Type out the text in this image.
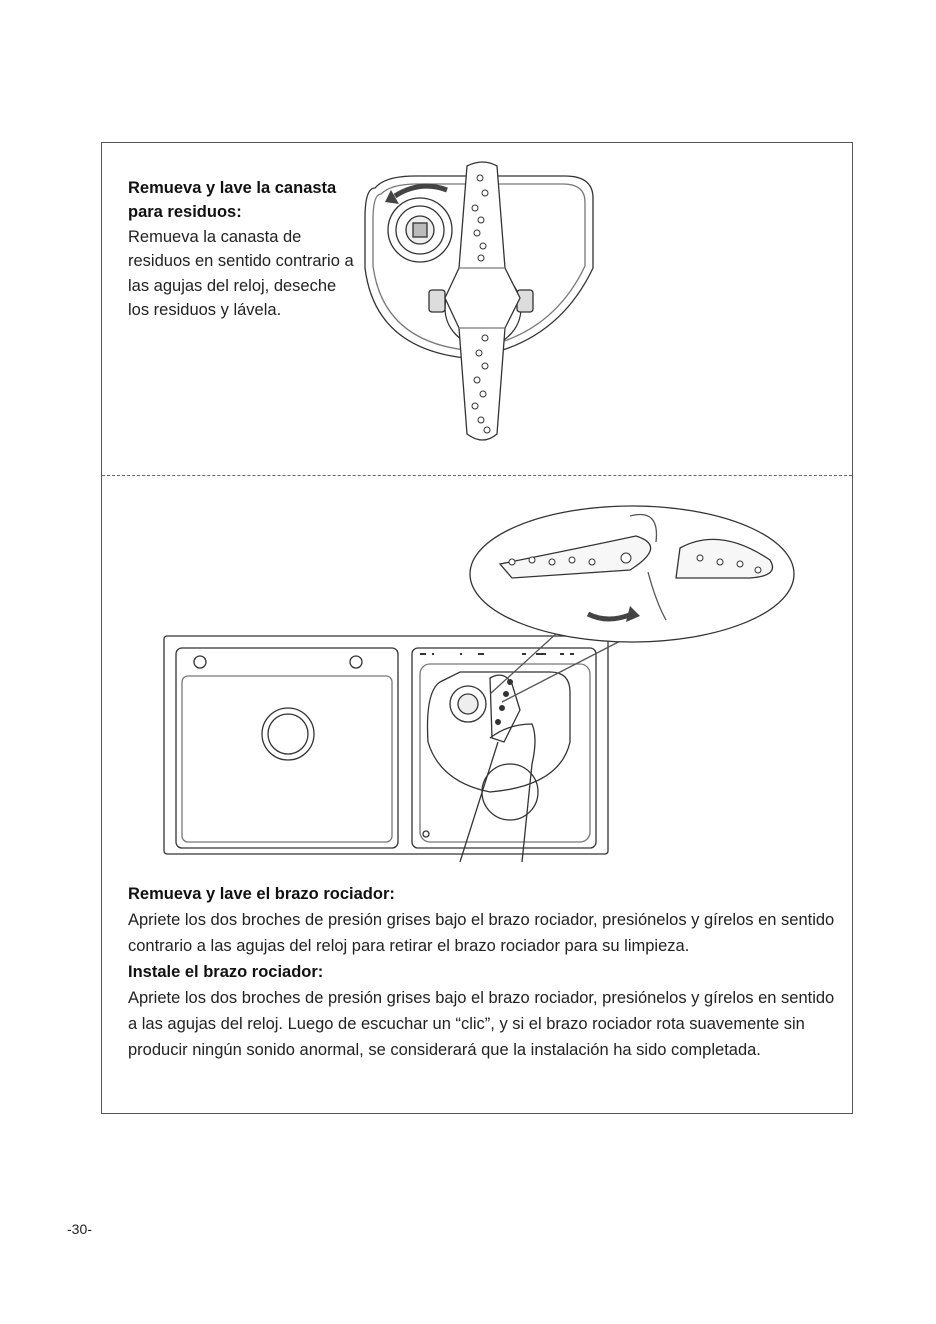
Remueva y lave la canasta para residuos:
Remueva la canasta de residuos en sentido contrario a las agujas del reloj, deseche los residuos y lávela.
Remueva y lave el brazo rociador:
Apriete los dos broches de presión grises bajo el brazo rociador, presiónelos y gírelos en sentido contrario a las agujas del reloj para retirar el brazo rociador para su limpieza.
Instale el brazo rociador:
Apriete los dos broches de presión grises bajo el brazo rociador, presiónelos y gírelos en sentido a las agujas del reloj. Luego de escuchar un “clic”, y si el brazo rociador rota suavemente sin producir ningún sonido anormal, se considerará que la instalación ha sido completada.
-30-
